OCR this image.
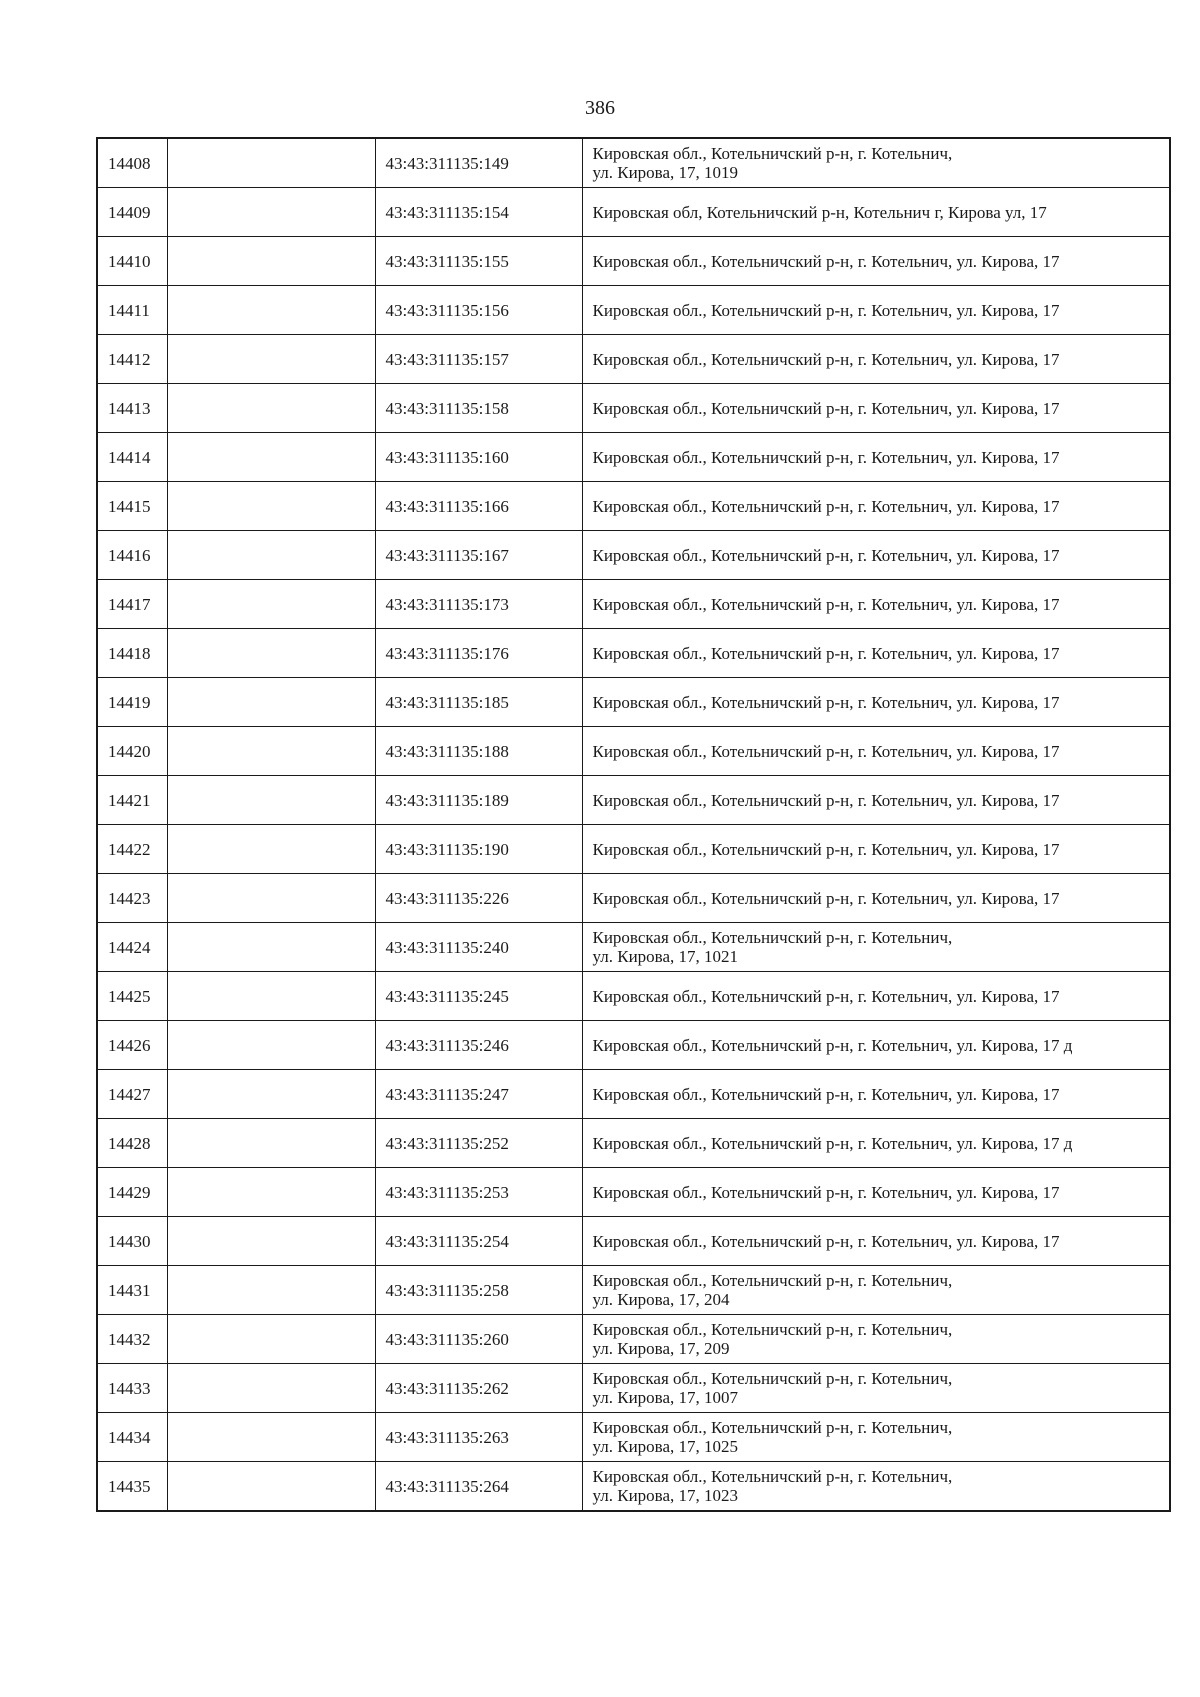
386
14408		43:43:311135:149	Кировская обл., Котельничский р-н, г. Котельнич,
ул. Кирова, 17, 1019
14409		43:43:311135:154	Кировская обл, Котельничский р-н, Котельнич г, Кирова ул, 17
14410		43:43:311135:155	Кировская обл., Котельничский р-н, г. Котельнич, ул. Кирова, 17
14411		43:43:311135:156	Кировская обл., Котельничский р-н, г. Котельнич, ул. Кирова, 17
14412		43:43:311135:157	Кировская обл., Котельничский р-н, г. Котельнич, ул. Кирова, 17
14413		43:43:311135:158	Кировская обл., Котельничский р-н, г. Котельнич, ул. Кирова, 17
14414		43:43:311135:160	Кировская обл., Котельничский р-н, г. Котельнич, ул. Кирова, 17
14415		43:43:311135:166	Кировская обл., Котельничский р-н, г. Котельнич, ул. Кирова, 17
14416		43:43:311135:167	Кировская обл., Котельничский р-н, г. Котельнич, ул. Кирова, 17
14417		43:43:311135:173	Кировская обл., Котельничский р-н, г. Котельнич, ул. Кирова, 17
14418		43:43:311135:176	Кировская обл., Котельничский р-н, г. Котельнич, ул. Кирова, 17
14419		43:43:311135:185	Кировская обл., Котельничский р-н, г. Котельнич, ул. Кирова, 17
14420		43:43:311135:188	Кировская обл., Котельничский р-н, г. Котельнич, ул. Кирова, 17
14421		43:43:311135:189	Кировская обл., Котельничский р-н, г. Котельнич, ул. Кирова, 17
14422		43:43:311135:190	Кировская обл., Котельничский р-н, г. Котельнич, ул. Кирова, 17
14423		43:43:311135:226	Кировская обл., Котельничский р-н, г. Котельнич, ул. Кирова, 17
14424		43:43:311135:240	Кировская обл., Котельничский р-н, г. Котельнич,
ул. Кирова, 17, 1021
14425		43:43:311135:245	Кировская обл., Котельничский р-н, г. Котельнич, ул. Кирова, 17
14426		43:43:311135:246	Кировская обл., Котельничский р-н, г. Котельнич, ул. Кирова, 17 д
14427		43:43:311135:247	Кировская обл., Котельничский р-н, г. Котельнич, ул. Кирова, 17
14428		43:43:311135:252	Кировская обл., Котельничский р-н, г. Котельнич, ул. Кирова, 17 д
14429		43:43:311135:253	Кировская обл., Котельничский р-н, г. Котельнич, ул. Кирова, 17
14430		43:43:311135:254	Кировская обл., Котельничский р-н, г. Котельнич, ул. Кирова, 17
14431		43:43:311135:258	Кировская обл., Котельничский р-н, г. Котельнич,
ул. Кирова, 17, 204
14432		43:43:311135:260	Кировская обл., Котельничский р-н, г. Котельнич,
ул. Кирова, 17, 209
14433		43:43:311135:262	Кировская обл., Котельничский р-н, г. Котельнич,
ул. Кирова, 17, 1007
14434		43:43:311135:263	Кировская обл., Котельничский р-н, г. Котельнич,
ул. Кирова, 17, 1025
14435		43:43:311135:264	Кировская обл., Котельничский р-н, г. Котельнич,
ул. Кирова, 17, 1023
